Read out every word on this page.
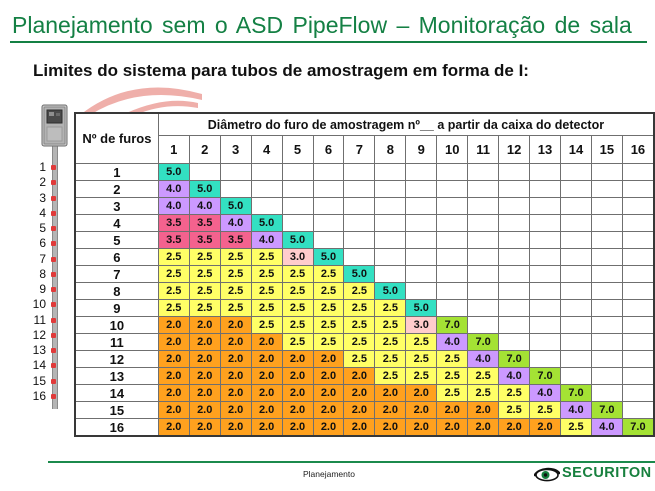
Planejamento sem o ASD PipeFlow – Monitoração de sala
Limites do sistema para tubos de amostragem em forma de I:
1
2
3
4
5
6
7
8
9
10
11
12
13
14
15
16
Nº de furos	Diâmetro do furo de amostragem nº__ a partir da caixa do detector															
	1	2	3	4	5	6	7	8	9	10	11	12	13	14	15	16
1	5.0															
2	4.0	5.0														
3	4.0	4.0	5.0													
4	3.5	3.5	4.0	5.0												
5	3.5	3.5	3.5	4.0	5.0											
6	2.5	2.5	2.5	2.5	3.0	5.0										
7	2.5	2.5	2.5	2.5	2.5	2.5	5.0									
8	2.5	2.5	2.5	2.5	2.5	2.5	2.5	5.0								
9	2.5	2.5	2.5	2.5	2.5	2.5	2.5	2.5	5.0							
10	2.0	2.0	2.0	2.5	2.5	2.5	2.5	2.5	3.0	7.0						
11	2.0	2.0	2.0	2.0	2.5	2.5	2.5	2.5	2.5	4.0	7.0					
12	2.0	2.0	2.0	2.0	2.0	2.0	2.5	2.5	2.5	2.5	4.0	7.0				
13	2.0	2.0	2.0	2.0	2.0	2.0	2.0	2.5	2.5	2.5	2.5	4.0	7.0			
14	2.0	2.0	2.0	2.0	2.0	2.0	2.0	2.0	2.0	2.5	2.5	2.5	4.0	7.0		
15	2.0	2.0	2.0	2.0	2.0	2.0	2.0	2.0	2.0	2.0	2.0	2.5	2.5	4.0	7.0	
16	2.0	2.0	2.0	2.0	2.0	2.0	2.0	2.0	2.0	2.0	2.0	2.0	2.0	2.5	4.0	7.0
Planejamento	SECURITON
